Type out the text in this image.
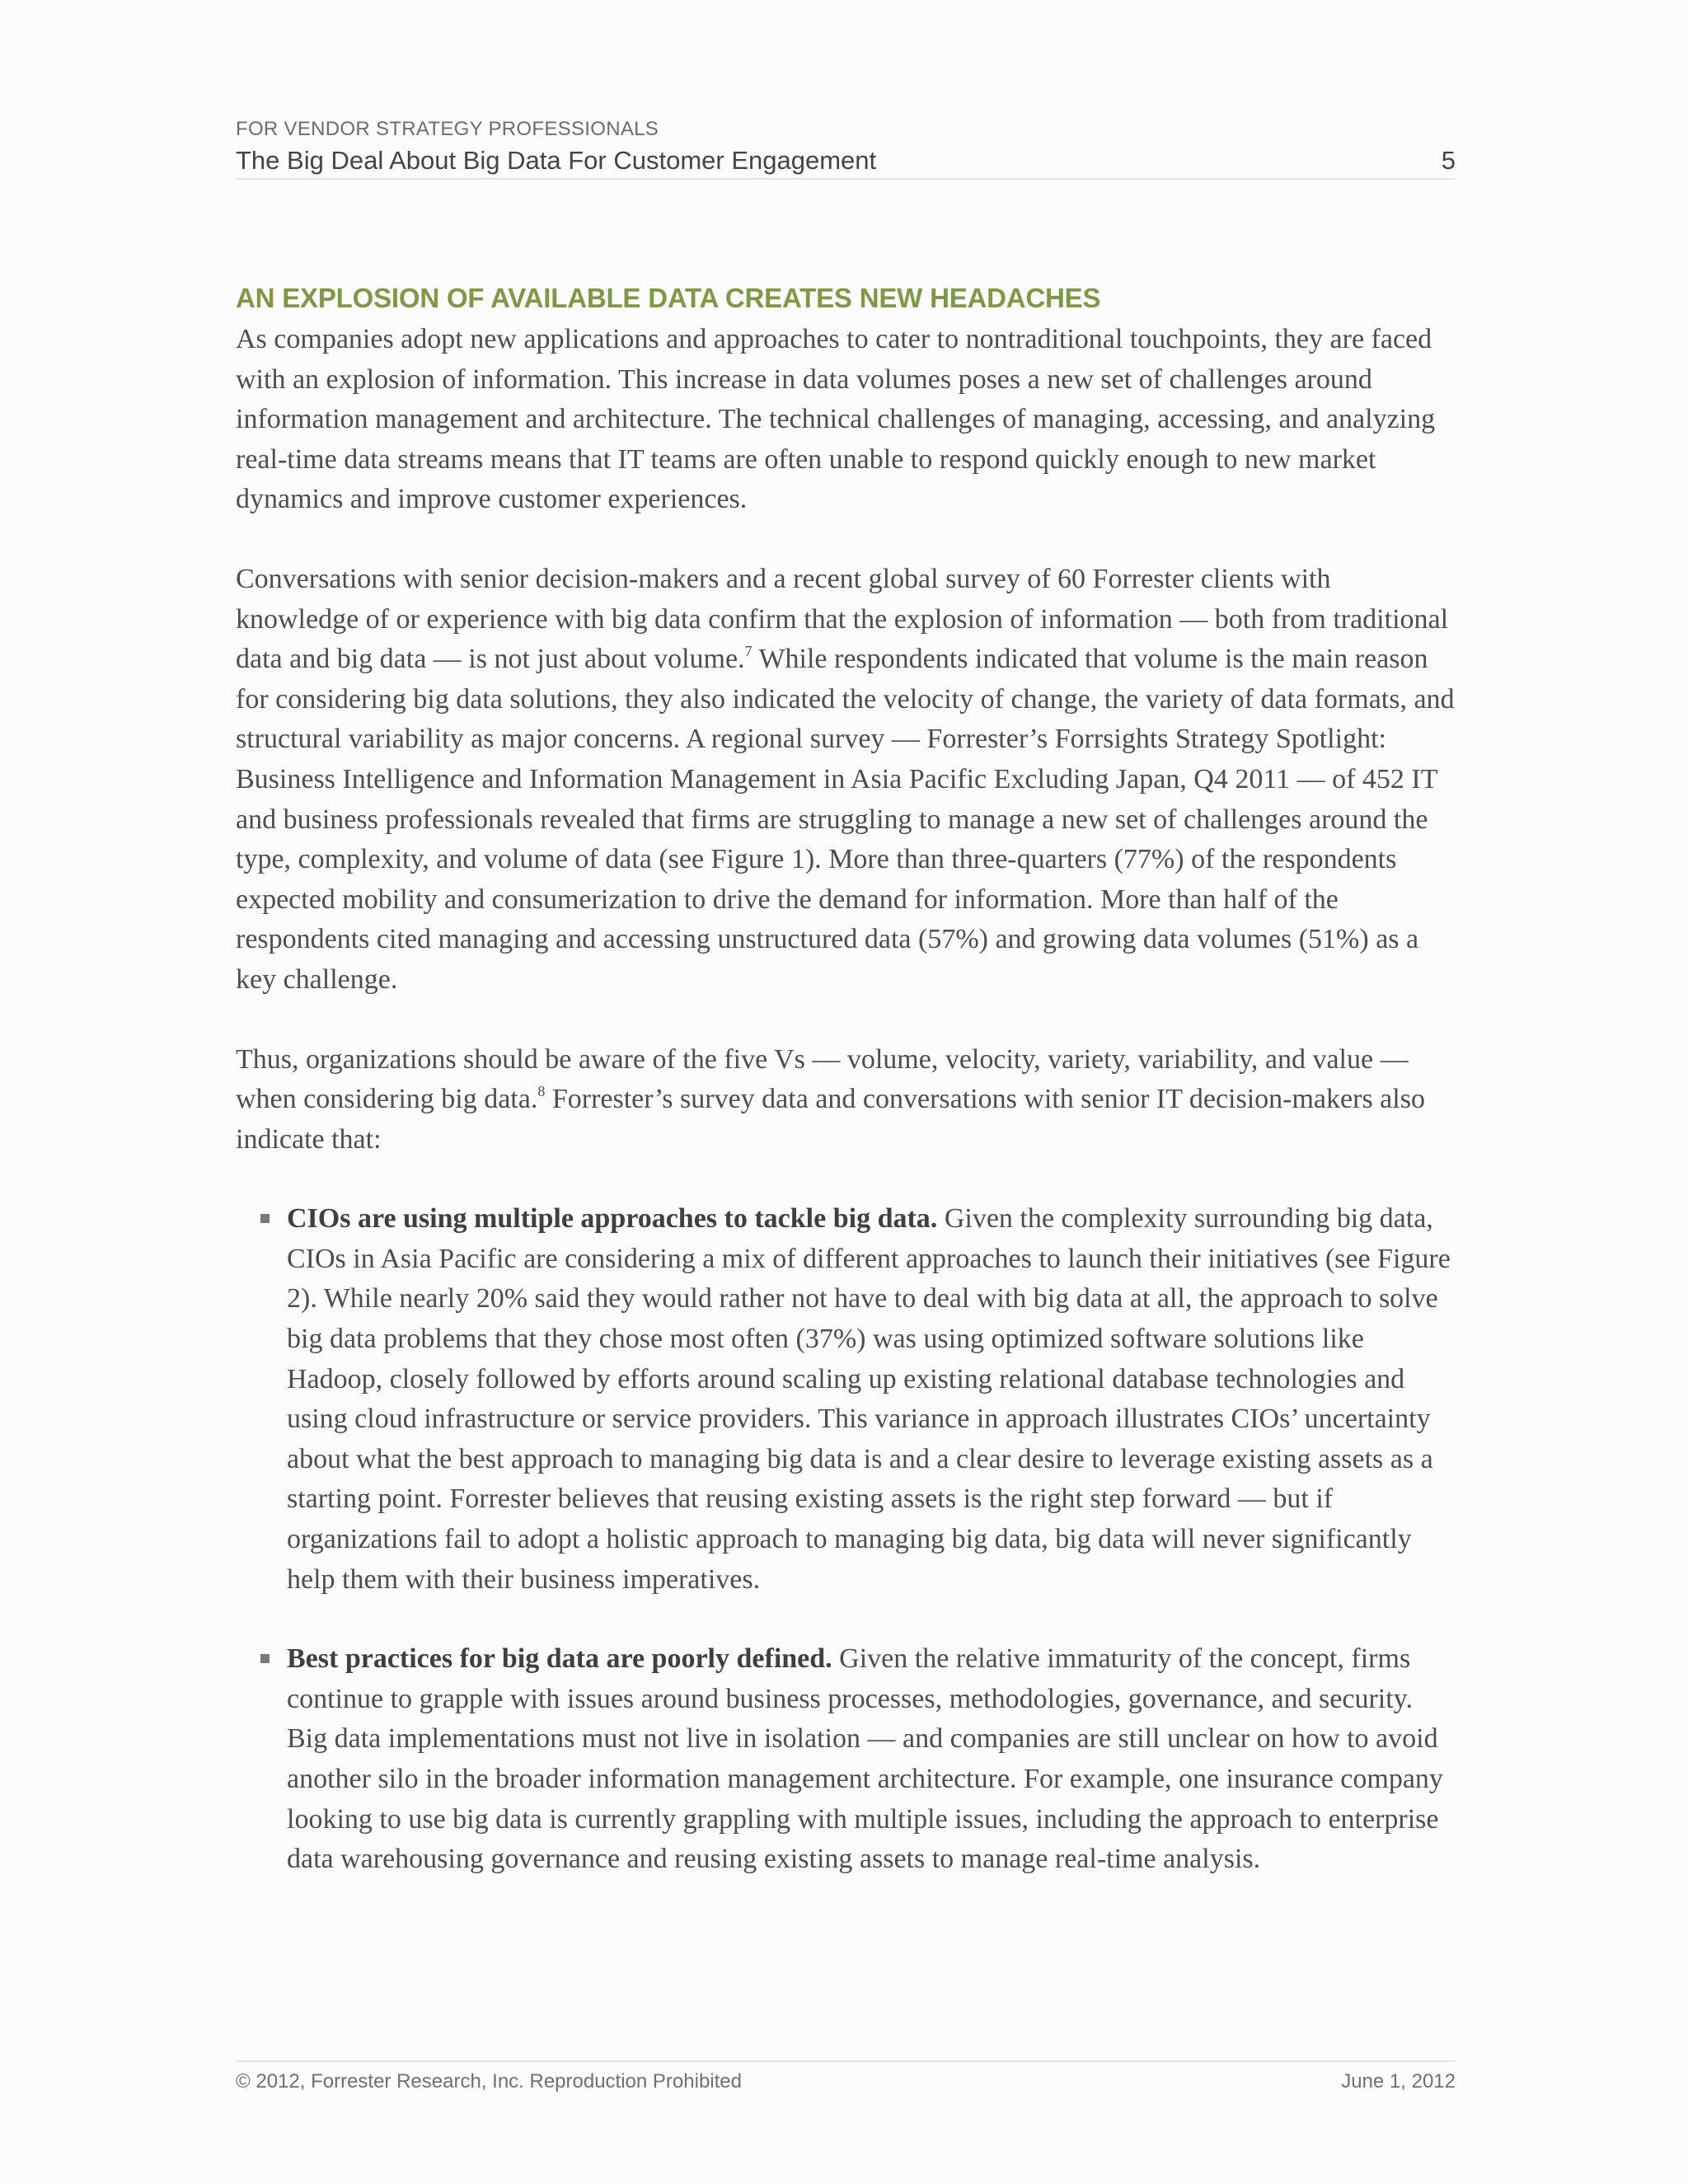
FOR VENDOR STRATEGY PROFESSIONALS
The Big Deal About Big Data For Customer Engagement	5
AN EXPLOSION OF AVAILABLE DATA CREATES NEW HEADACHES

As companies adopt new applications and approaches to cater to nontraditional touchpoints, they are faced with an explosion of information. This increase in data volumes poses a new set of challenges around information management and architecture. The technical challenges of managing, accessing, and analyzing real-time data streams means that IT teams are often unable to respond quickly enough to new market dynamics and improve customer experiences.

Conversations with senior decision-makers and a recent global survey of 60 Forrester clients with knowledge of or experience with big data confirm that the explosion of information — both from traditional data and big data — is not just about volume.$^7$ While respondents indicated that volume is the main reason for considering big data solutions, they also indicated the velocity of change, the variety of data formats, and structural variability as major concerns. A regional survey — Forrester’s Forrsights Strategy Spotlight: Business Intelligence and Information Management in Asia Pacific Excluding Japan, Q4 2011 — of 452 IT and business professionals revealed that firms are struggling to manage a new set of challenges around the type, complexity, and volume of data (see Figure 1). More than three-quarters (77%) of the respondents expected mobility and consumerization to drive the demand for information. More than half of the respondents cited managing and accessing unstructured data (57%) and growing data volumes (51%) as a key challenge.

Thus, organizations should be aware of the five Vs — volume, velocity, variety, variability, and value — when considering big data.$^8$ Forrester’s survey data and conversations with senior IT decision-makers also indicate that:

CIOs are using multiple approaches to tackle big data. Given the complexity surrounding big data, CIOs in Asia Pacific are considering a mix of different approaches to launch their initiatives (see Figure 2). While nearly 20% said they would rather not have to deal with big data at all, the approach to solve big data problems that they chose most often (37%) was using optimized software solutions like Hadoop, closely followed by efforts around scaling up existing relational database technologies and using cloud infrastructure or service providers. This variance in approach illustrates CIOs’ uncertainty about what the best approach to managing big data is and a clear desire to leverage existing assets as a starting point. Forrester believes that reusing existing assets is the right step forward — but if organizations fail to adopt a holistic approach to managing big data, big data will never significantly help them with their business imperatives.

Best practices for big data are poorly defined. Given the relative immaturity of the concept, firms continue to grapple with issues around business processes, methodologies, governance, and security. Big data implementations must not live in isolation — and companies are still unclear on how to avoid another silo in the broader information management architecture. For example, one insurance company looking to use big data is currently grappling with multiple issues, including the approach to enterprise data warehousing governance and reusing existing assets to manage real-time analysis.

© 2012, Forrester Research, Inc. Reproduction Prohibited	June 1, 2012
